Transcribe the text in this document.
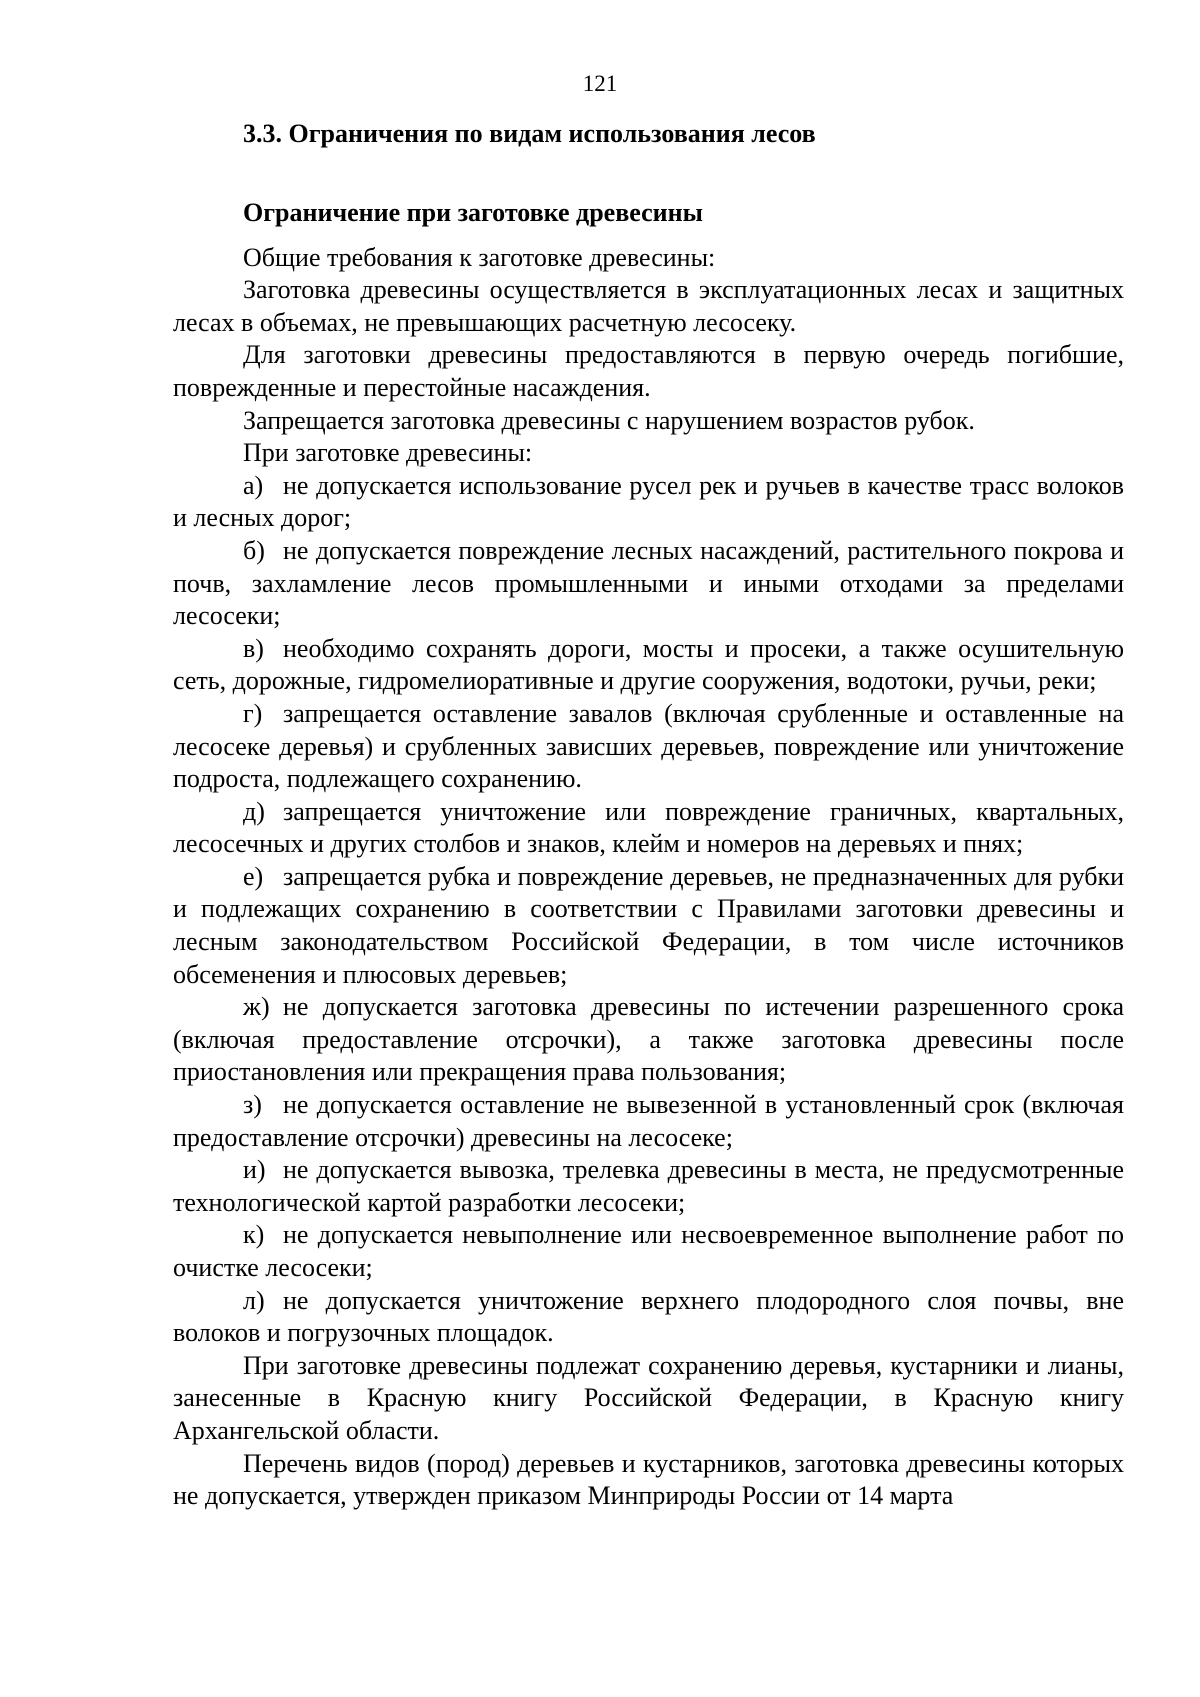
121
3.3. Ограничения по видам использования лесов

Ограничение при заготовке древесины

Общие требования к заготовке древесины:

Заготовка древесины осуществляется в эксплуатационных лесах и защитных лесах в объемах, не превышающих расчетную лесосеку.

Для заготовки древесины предоставляются в первую очередь погибшие, поврежденные и перестойные насаждения.

Запрещается заготовка древесины с нарушением возрастов рубок.

При заготовке древесины:

а) не допускается использование русел рек и ручьев в качестве трасс волоков и лесных дорог;

б) не допускается повреждение лесных насаждений, растительного покрова и почв, захламление лесов промышленными и иными отходами за пределами лесосеки;

в) необходимо сохранять дороги, мосты и просеки, а также осушительную сеть, дорожные, гидромелиоративные и другие сооружения, водотоки, ручьи, реки;

г) запрещается оставление завалов (включая срубленные и оставленные на лесосеке деревья) и срубленных зависших деревьев, повреждение или уничтожение подроста, подлежащего сохранению.

д) запрещается уничтожение или повреждение граничных, квартальных, лесосечных и других столбов и знаков, клейм и номеров на деревьях и пнях;

е) запрещается рубка и повреждение деревьев, не предназначенных для рубки и подлежащих сохранению в соответствии с Правилами заготовки древесины и лесным законодательством Российской Федерации, в том числе источников обсеменения и плюсовых деревьев;

ж) не допускается заготовка древесины по истечении разрешенного срока (включая предоставление отсрочки), а также заготовка древесины после приостановления или прекращения права пользования;

з) не допускается оставление не вывезенной в установленный срок (включая предоставление отсрочки) древесины на лесосеке;

и) не допускается вывозка, трелевка древесины в места, не предусмотренные технологической картой разработки лесосеки;

к) не допускается невыполнение или несвоевременное выполнение работ по очистке лесосеки;

л) не допускается уничтожение верхнего плодородного слоя почвы, вне волоков и погрузочных площадок.

При заготовке древесины подлежат сохранению деревья, кустарники и лианы, занесенные в Красную книгу Российской Федерации, в Красную книгу Архангельской области.

Перечень видов (пород) деревьев и кустарников, заготовка древесины которых не допускается, утвержден приказом Минприроды России от 14 марта
